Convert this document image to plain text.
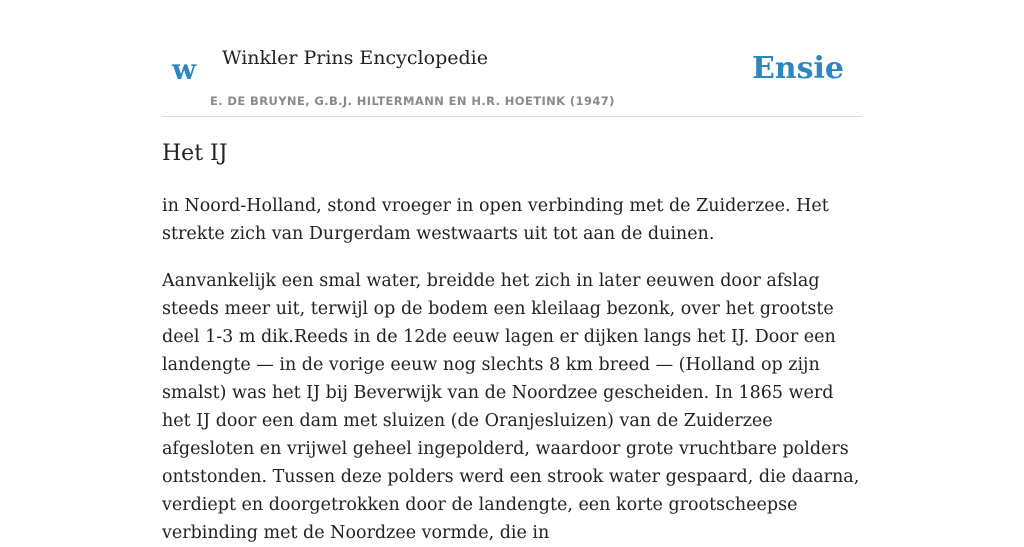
w Winkler Prins Encyclopedie
E. DE BRUYNE, G.B.J. HILTERMANN EN H.R. HOETINK (1947)
Ensie
Het IJ

in Noord-Holland, stond vroeger in open verbinding met de Zuiderzee. Het strekte zich van Durgerdam westwaarts uit tot aan de duinen.

Aanvankelijk een smal water, breidde het zich in later eeuwen door afslag steeds meer uit, terwijl op de bodem een kleilaag bezonk, over het grootste deel 1-3 m dik.Reeds in de 12de eeuw lagen er dijken langs het IJ. Door een landengte — in de vorige eeuw nog slechts 8 km breed — (Holland op zijn smalst) was het IJ bij Beverwijk van de Noordzee gescheiden. In 1865 werd het IJ door een dam met sluizen (de Oranjesluizen) van de Zuiderzee afgesloten en vrijwel geheel ingepolderd, waardoor grote vruchtbare polders ontstonden. Tussen deze polders werd een strook water gespaard, die daarna, verdiept en doorgetrokken door de landengte, een korte grootscheepse verbinding met de Noordzee vormde, die in
